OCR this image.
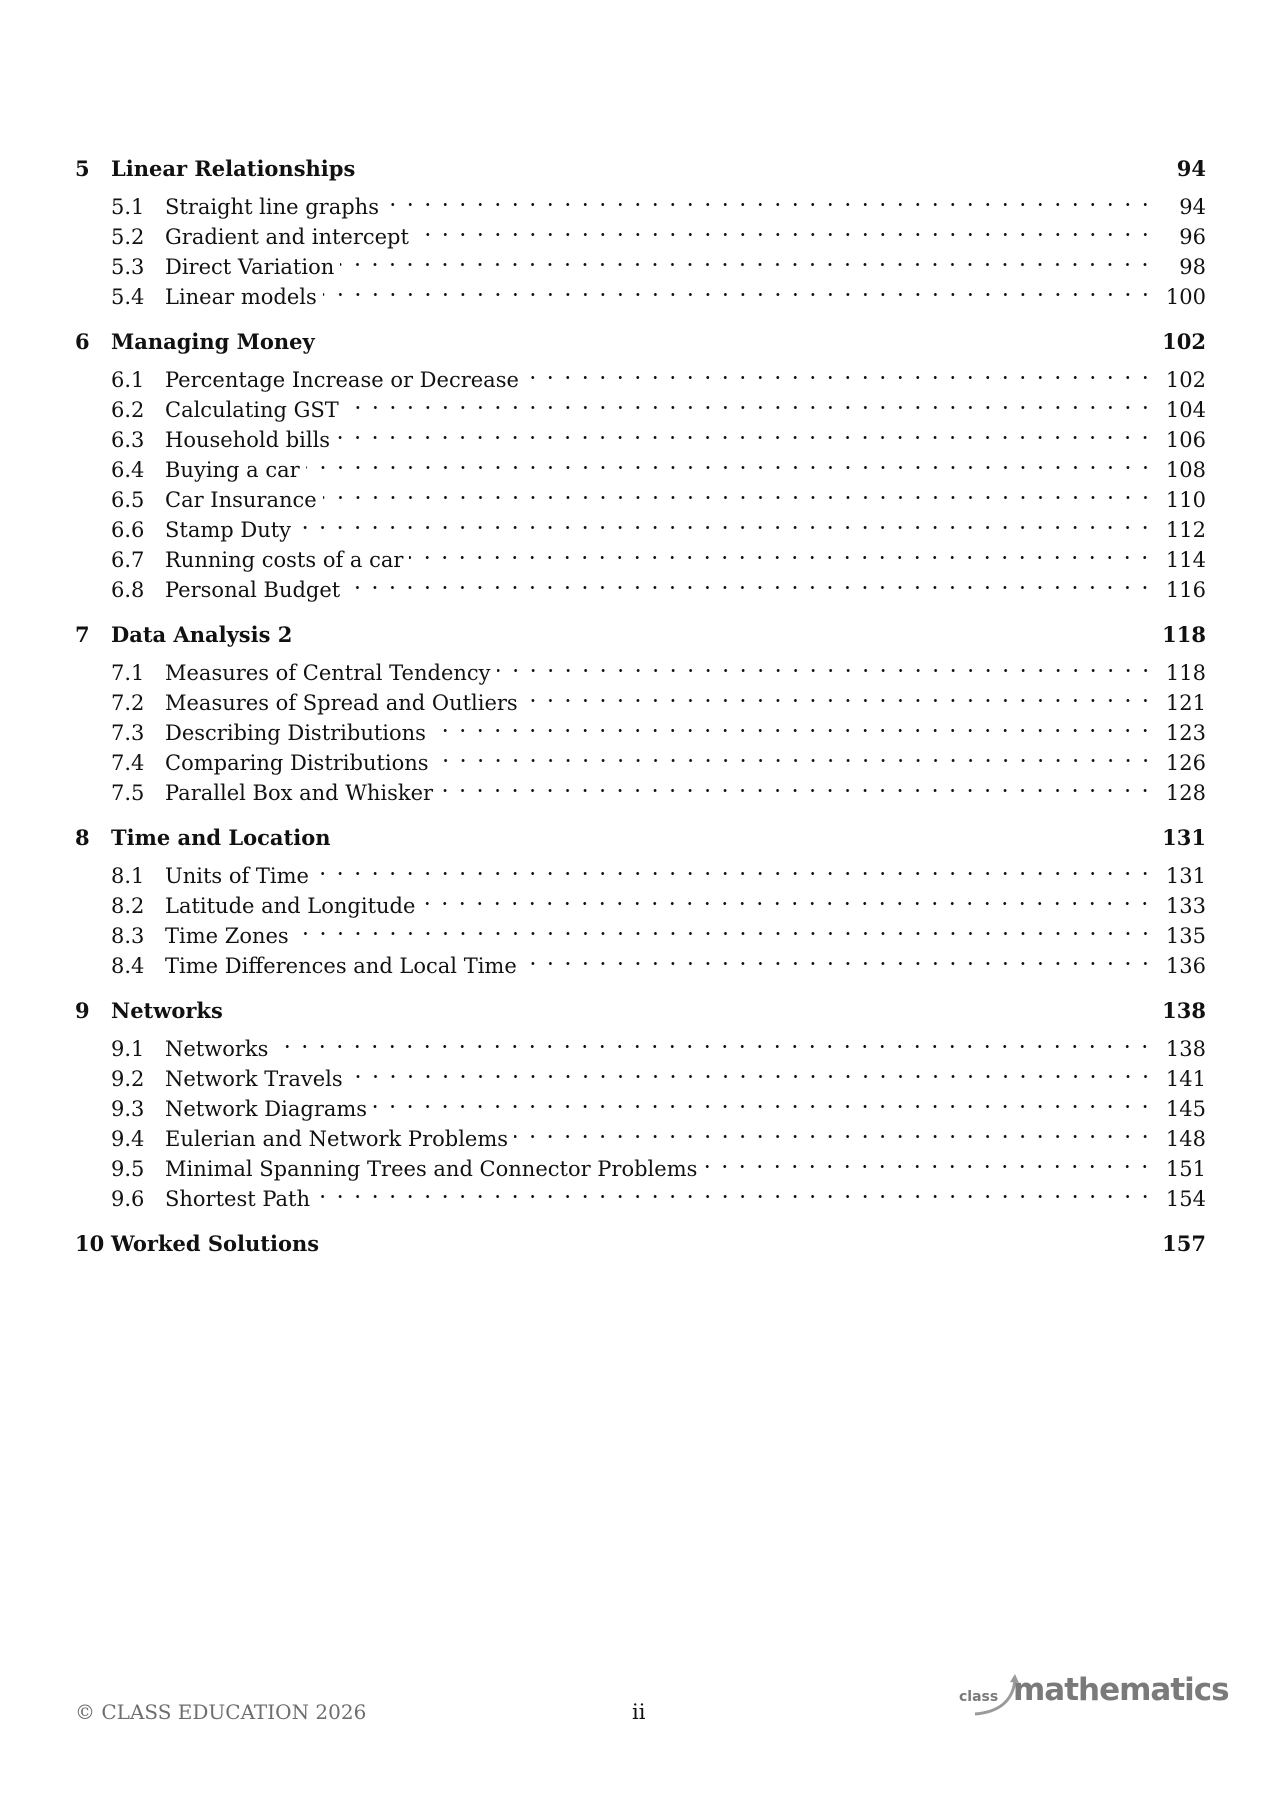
5	Linear Relationships	94
5.1 Straight line graphs	94
5.2 Gradient and intercept	96
5.3 Direct Variation	98
5.4 Linear models	100
6	Managing Money	102
6.1 Percentage Increase or Decrease	102
6.2 Calculating GST	104
6.3 Household bills	106
6.4 Buying a car	108
6.5 Car Insurance	110
6.6 Stamp Duty	112
6.7 Running costs of a car	114
6.8 Personal Budget	116
7	Data Analysis 2	118
7.1 Measures of Central Tendency	118
7.2 Measures of Spread and Outliers	121
7.3 Describing Distributions	123
7.4 Comparing Distributions	126
7.5 Parallel Box and Whisker	128
8	Time and Location	131
8.1 Units of Time	131
8.2 Latitude and Longitude	133
8.3 Time Zones	135
8.4 Time Differences and Local Time	136
9	Networks	138
9.1 Networks	138
9.2 Network Travels	141
9.3 Network Diagrams	145
9.4 Eulerian and Network Problems	148
9.5 Minimal Spanning Trees and Connector Problems	151
9.6 Shortest Path	154
10 Worked Solutions	157
© CLASS EDUCATION 2026	ii
class mathematics
